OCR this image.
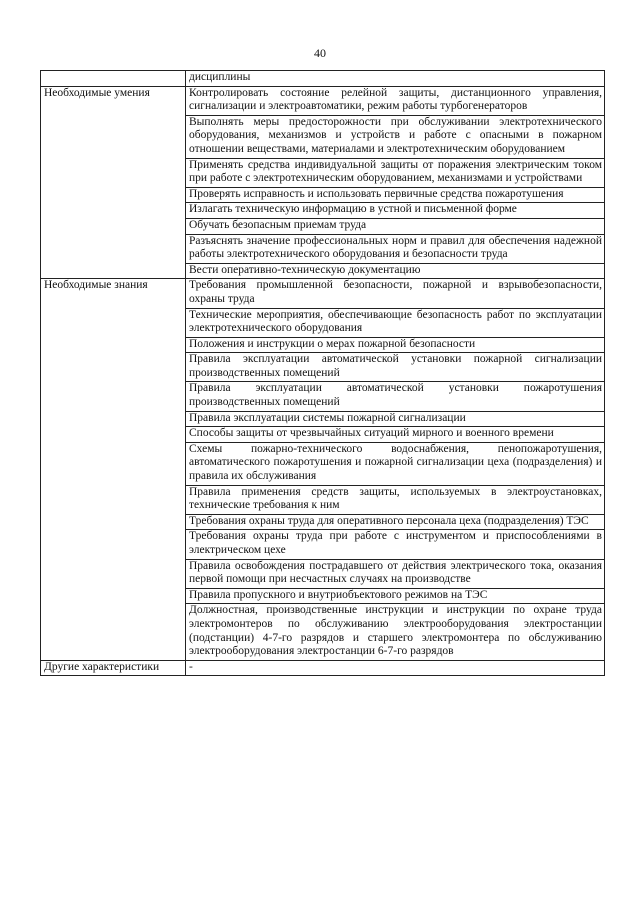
40
	дисциплины
Необходимые умения	Контролировать состояние релейной защиты, дистанционного управления, сигнализации и электроавтоматики, режим работы турбогенераторов
	Выполнять меры предосторожности при обслуживании электротехнического оборудования, механизмов и устройств и работе с опасными в пожарном отношении веществами, материалами и электротехническим оборудованием
	Применять средства индивидуальной защиты от поражения электрическим током при работе с электротехническим оборудованием, механизмами и устройствами
	Проверять исправность и использовать первичные средства пожаротушения
	Излагать техническую информацию в устной и письменной форме
	Обучать безопасным приемам труда
	Разъяснять значение профессиональных норм и правил для обеспечения надежной работы электротехнического оборудования и безопасности труда
	Вести оперативно-техническую документацию
Необходимые знания	Требования промышленной безопасности, пожарной и взрывобезопасности, охраны труда
	Технические мероприятия, обеспечивающие безопасность работ по эксплуатации электротехнического оборудования
	Положения и инструкции о мерах пожарной безопасности
	Правила эксплуатации автоматической установки пожарной сигнализации производственных помещений
	Правила эксплуатации автоматической установки пожаротушения производственных помещений
	Правила эксплуатации системы пожарной сигнализации
	Способы защиты от чрезвычайных ситуаций мирного и военного времени
	Схемы пожарно-технического водоснабжения, пенопожаротушения, автоматического пожаротушения и пожарной сигнализации цеха (подразделения) и правила их обслуживания
	Правила применения средств защиты, используемых в электроустановках, технические требования к ним
	Требования охраны труда для оперативного персонала цеха (подразделения) ТЭС
	Требования охраны труда при работе с инструментом и приспособлениями в электрическом цехе
	Правила освобождения пострадавшего от действия электрического тока, оказания первой помощи при несчастных случаях на производстве
	Правила пропускного и внутриобъектового режимов на ТЭС
	Должностная, производственные инструкции и инструкции по охране труда электромонтеров по обслуживанию электрооборудования электростанции (подстанции) 4-7-го разрядов и старшего электромонтера по обслуживанию электрооборудования электростанции 6-7-го разрядов
Другие характеристики	-
